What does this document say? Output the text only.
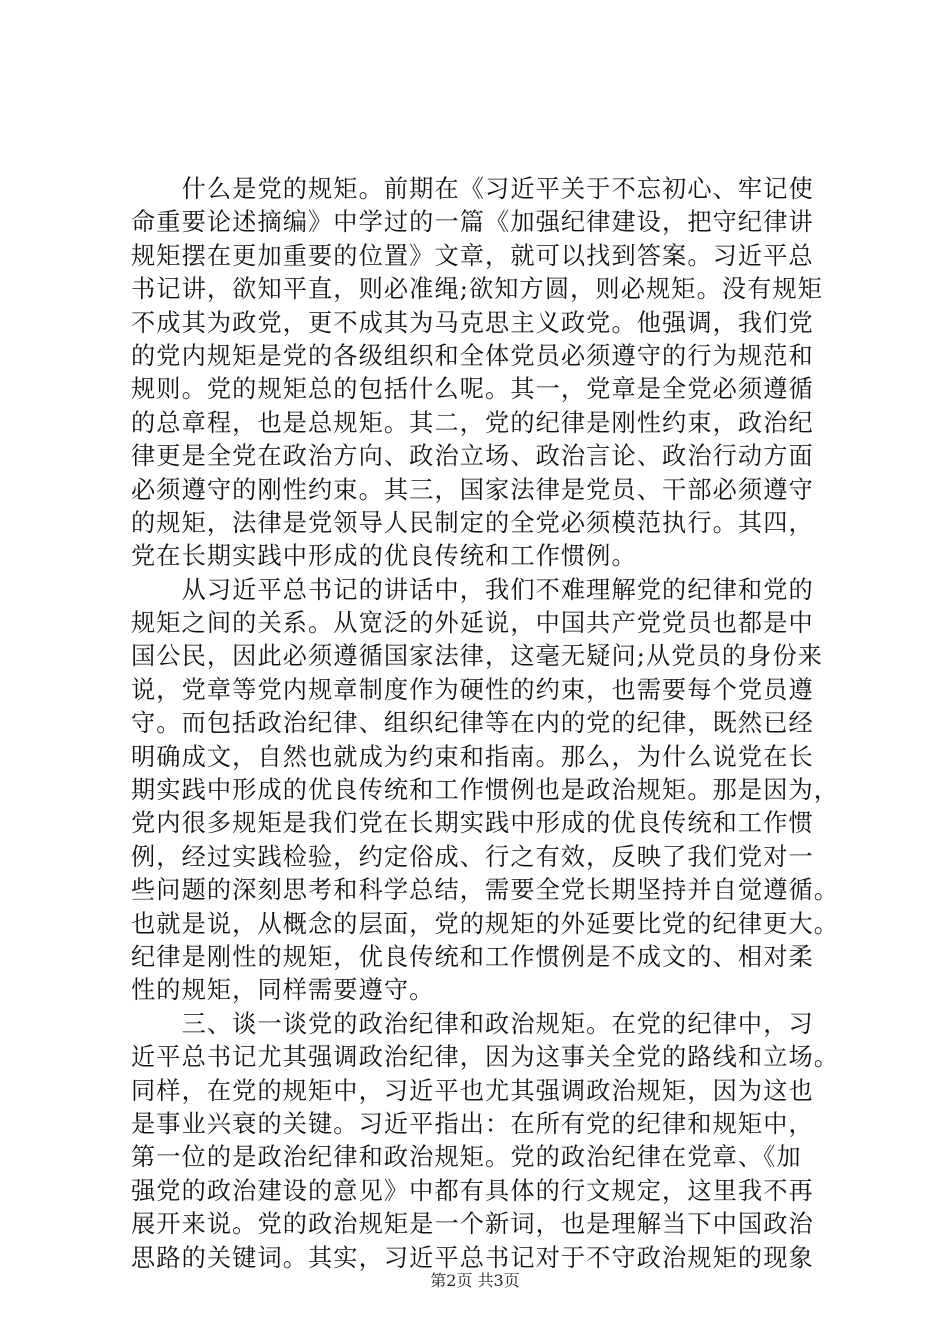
　　什么是党的规矩。前期在《习近平关于不忘初心、牢记使
命重要论述摘编》中学过的一篇《加强纪律建设，把守纪律讲
规矩摆在更加重要的位置》文章，就可以找到答案。习近平总
书记讲，欲知平直，则必准绳;欲知方圆，则必规矩。没有规矩
不成其为政党，更不成其为马克思主义政党。他强调，我们党
的党内规矩是党的各级组织和全体党员必须遵守的行为规范和
规则。党的规矩总的包括什么呢。其一，党章是全党必须遵循
的总章程，也是总规矩。其二，党的纪律是刚性约束，政治纪
律更是全党在政治方向、政治立场、政治言论、政治行动方面
必须遵守的刚性约束。其三，国家法律是党员、干部必须遵守
的规矩，法律是党领导人民制定的全党必须模范执行。其四，
党在长期实践中形成的优良传统和工作惯例。
　　从习近平总书记的讲话中，我们不难理解党的纪律和党的
规矩之间的关系。从宽泛的外延说，中国共产党党员也都是中
国公民，因此必须遵循国家法律，这毫无疑问;从党员的身份来
说，党章等党内规章制度作为硬性的约束，也需要每个党员遵
守。而包括政治纪律、组织纪律等在内的党的纪律，既然已经
明确成文，自然也就成为约束和指南。那么，为什么说党在长
期实践中形成的优良传统和工作惯例也是政治规矩。那是因为，
党内很多规矩是我们党在长期实践中形成的优良传统和工作惯
例，经过实践检验，约定俗成、行之有效，反映了我们党对一
些问题的深刻思考和科学总结，需要全党长期坚持并自觉遵循。
也就是说，从概念的层面，党的规矩的外延要比党的纪律更大。
纪律是刚性的规矩，优良传统和工作惯例是不成文的、相对柔
性的规矩，同样需要遵守。
　　三、谈一谈党的政治纪律和政治规矩。在党的纪律中，习
近平总书记尤其强调政治纪律，因为这事关全党的路线和立场。
同样，在党的规矩中，习近平也尤其强调政治规矩，因为这也
是事业兴衰的关键。习近平指出：在所有党的纪律和规矩中，
第一位的是政治纪律和政治规矩。党的政治纪律在党章、《加
强党的政治建设的意见》中都有具体的行文规定，这里我不再
展开来说。党的政治规矩是一个新词，也是理解当下中国政治
思路的关键词。其实，习近平总书记对于不守政治规矩的现象
第2页 共3页
